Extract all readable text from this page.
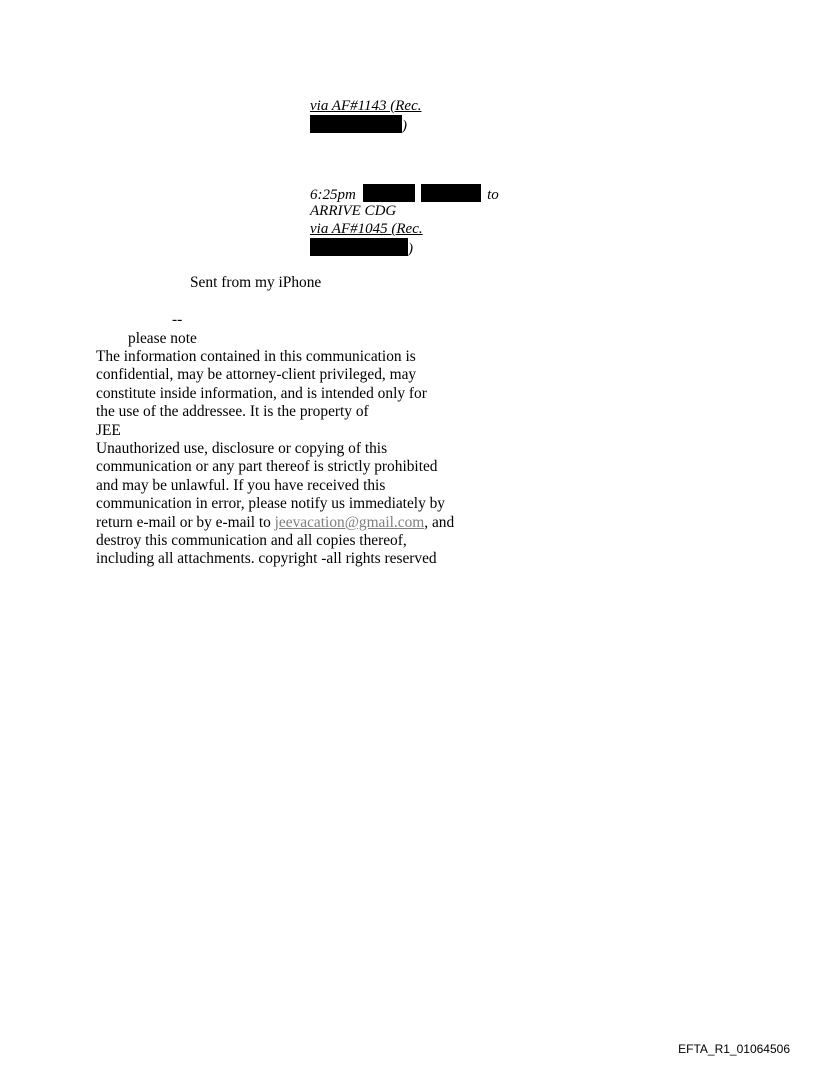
via AF#1143 (Rec.
)
6:25pm	to
ARRIVE CDG
via AF#1045 (Rec.
)
Sent from my iPhone
--
please note
The information contained in this communication is
confidential, may be attorney-client privileged, may
constitute inside information, and is intended only for
the use of the addressee. It is the property of
JEE
Unauthorized use, disclosure or copying of this
communication or any part thereof is strictly prohibited
and may be unlawful. If you have received this
communication in error, please notify us immediately by
return e-mail or by e-mail to jeevacation@gmail.com, and
destroy this communication and all copies thereof,
including all attachments. copyright -all rights reserved
EFTA_R1_01064506
